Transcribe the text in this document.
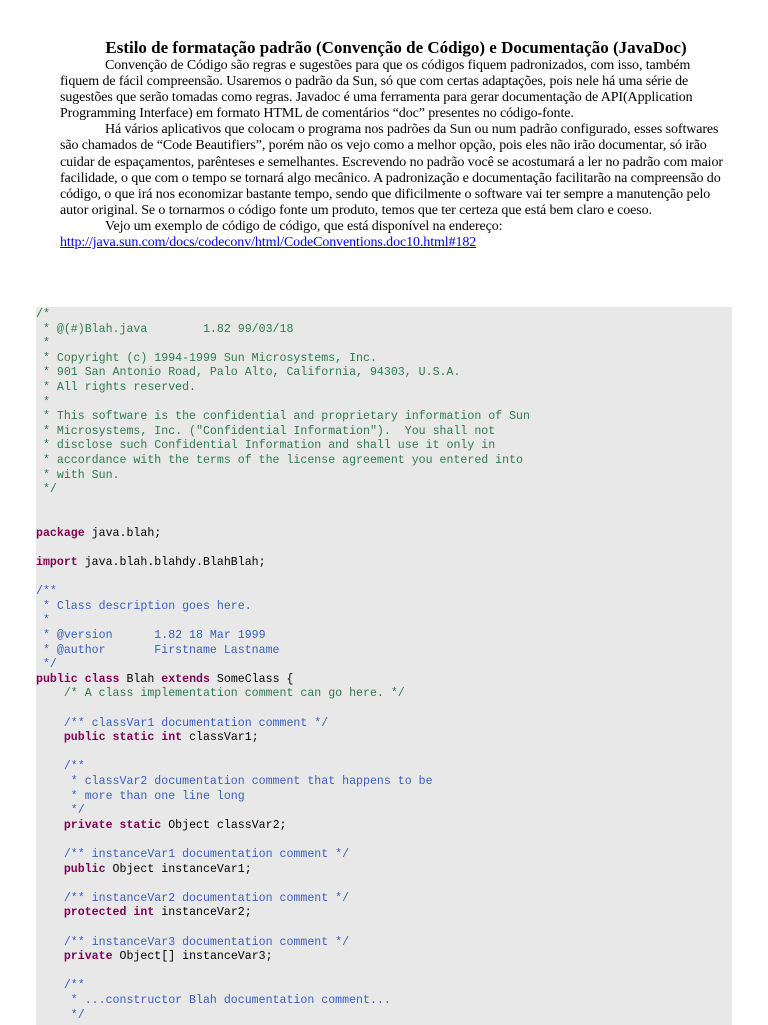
Estilo de formatação padrão (Convenção de Código) e Documentação (JavaDoc)

Convenção de Código são regras e sugestões para que os códigos fiquem padronizados, com isso, também fiquem de fácil compreensão. Usaremos o padrão da Sun, só que com certas adaptações, pois nele há uma série de sugestões que serão tomadas como regras. Javadoc é uma ferramenta para gerar documentação de API(Application Programming Interface) em formato HTML de comentários “doc” presentes no código-fonte.

Há vários aplicativos que colocam o programa nos padrões da Sun ou num padrão configurado, esses softwares são chamados de “Code Beautifiers”, porém não os vejo como a melhor opção, pois eles não irão documentar, só irão cuidar de espaçamentos, parênteses e semelhantes. Escrevendo no padrão você se acostumará a ler no padrão com maior facilidade, o que com o tempo se tornará algo mecânico. A padronização e documentação facilitarão na compreensão do código, o que irá nos economizar bastante tempo, sendo que dificilmente o software vai ter sempre a manutenção pelo autor original. Se o tornarmos o código fonte um produto, temos que ter certeza que está bem claro e coeso.

Vejo um exemplo de código de código, que está disponível na endereço:

http://java.sun.com/docs/codeconv/html/CodeConventions.doc10.html#182

/*
* @(#)Blah.java        1.82 99/03/18
*
* Copyright (c) 1994-1999 Sun Microsystems, Inc.
* 901 San Antonio Road, Palo Alto, California, 94303, U.S.A.
* All rights reserved.
*
* This software is the confidential and proprietary information of Sun
* Microsystems, Inc. ("Confidential Information").  You shall not
* disclose such Confidential Information and shall use it only in
* accordance with the terms of the license agreement you entered into
* with Sun.
*/

package java.blah;

import java.blah.blahdy.BlahBlah;

/**
* Class description goes here.
*
* @version      1.82 18 Mar 1999
* @author       Firstname Lastname
*/
public class Blah extends SomeClass {
/* A class implementation comment can go here. */

/** classVar1 documentation comment */
public static int classVar1;

/**
* classVar2 documentation comment that happens to be
* more than one line long
*/
private static Object classVar2;

/** instanceVar1 documentation comment */
public Object instanceVar1;

/** instanceVar2 documentation comment */
protected int instanceVar2;

/** instanceVar3 documentation comment */
private Object[] instanceVar3;

/**
* ...constructor Blah documentation comment...
*/
